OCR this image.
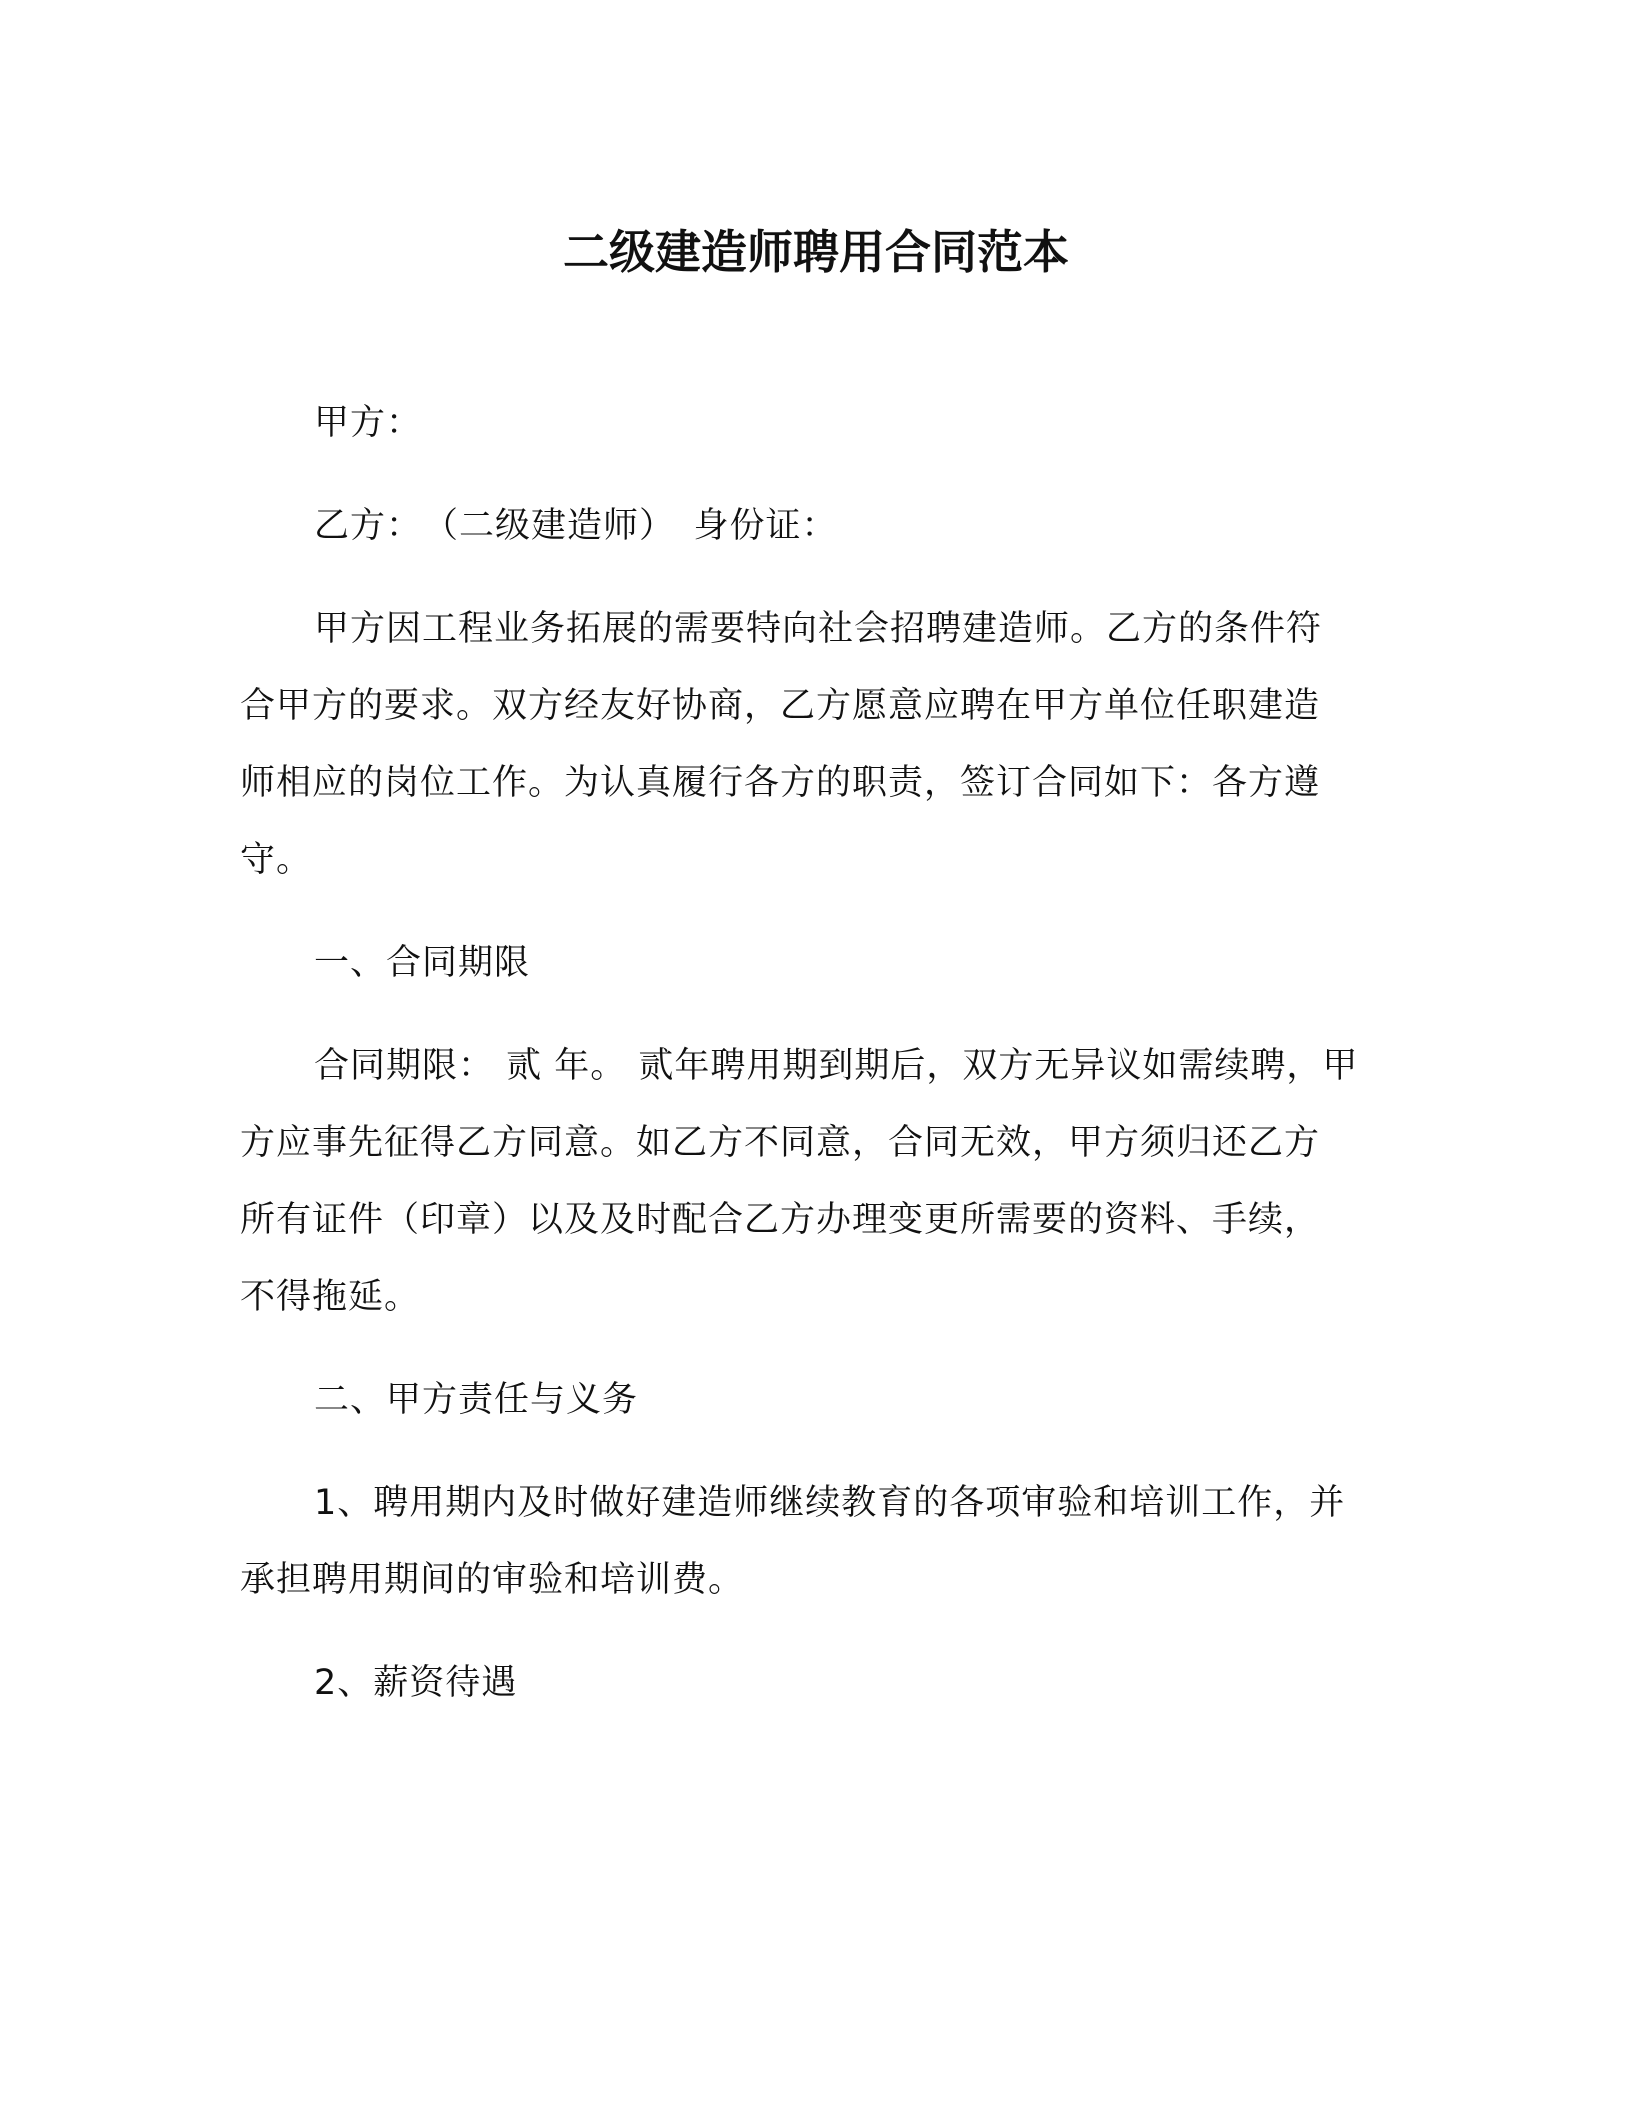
二级建造师聘用合同范本
甲方：
乙方：　（二级建造师）　身份证：
甲方因工程业务拓展的需要特向社会招聘建造师。乙方的条件符
合甲方的要求。双方经友好协商，乙方愿意应聘在甲方单位任职建造
师相应的岗位工作。为认真履行各方的职责，签订合同如下：各方遵
守。
一、合同期限
合同期限： 贰 年。 贰年聘用期到期后，双方无异议如需续聘，甲
方应事先征得乙方同意。如乙方不同意，合同无效，甲方须归还乙方
所有证件（印章）以及及时配合乙方办理变更所需要的资料、手续，
不得拖延。
二、甲方责任与义务
1、聘用期内及时做好建造师继续教育的各项审验和培训工作，并
承担聘用期间的审验和培训费。
2、薪资待遇
